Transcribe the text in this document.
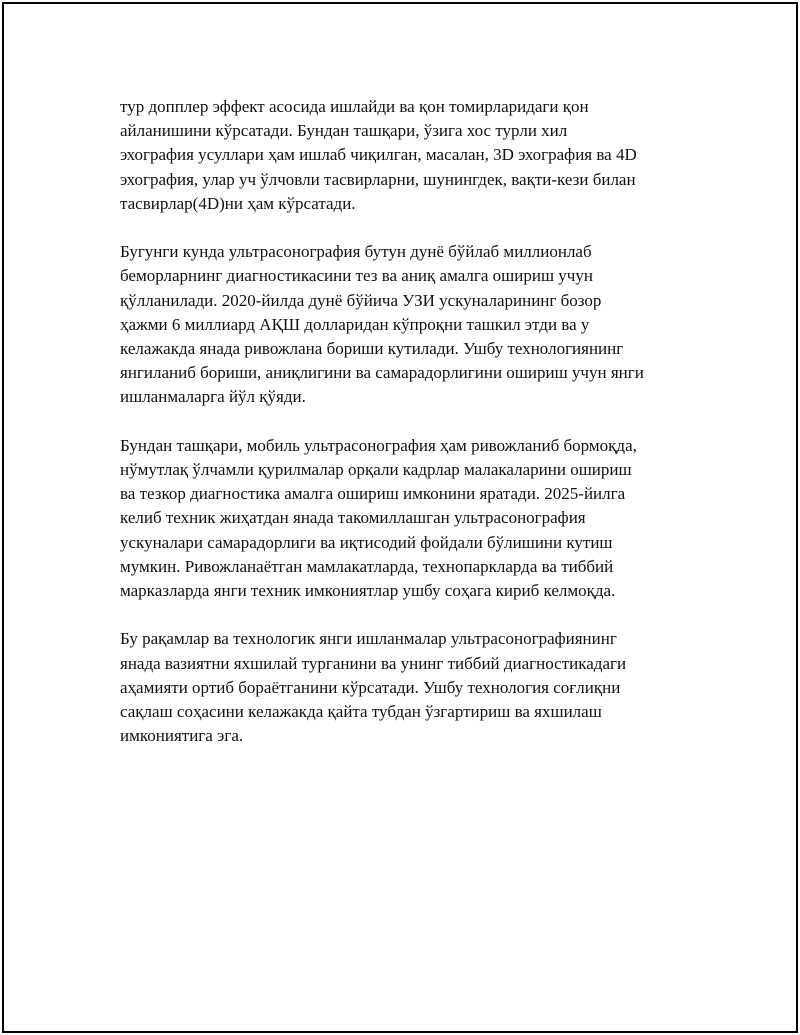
тур допплер эффект асосида ишлайди ва қон томирларидаги қон
айланишини кўрсатади. Бундан ташқари, ўзига хос турли хил
эхография усуллари ҳам ишлаб чиқилган, масалан, 3D эхография ва 4D
эхография, улар уч ўлчовли тасвирларни, шунингдек, вақти-кези билан
тасвирлар(4D)ни ҳам кўрсатади.

Бугунги кунда ультрасонография бутун дунё бўйлаб миллионлаб
беморларнинг диагностикасини тез ва аниқ амалга ошириш учун
қўлланилади. 2020-йилда дунё бўйича УЗИ ускуналарининг бозор
ҳажми 6 миллиард АҚШ долларидан кўпроқни ташкил этди ва у
келажакда янада ривожлана бориши кутилади. Ушбу технологиянинг
янгиланиб бориши, аниқлигини ва самарадорлигини ошириш учун янги
ишланмаларга йўл қўяди.

Бундан ташқари, мобиль ультрасонография ҳам ривожланиб бормоқда,
нўмутлақ ўлчамли қурилмалар орқали кадрлар малакаларини ошириш
ва тезкор диагностика амалга ошириш имконини яратади. 2025-йилга
келиб техник жиҳатдан янада такомиллашган ультрасонография
ускуналари самарадорлиги ва иқтисодий фойдали бўлишини кутиш
мумкин. Ривожланаётган мамлакатларда, технопаркларда ва тиббий
марказларда янги техник имкониятлар ушбу соҳага кириб келмоқда.

Бу рақамлар ва технологик янги ишланмалар ультрасонографиянинг
янада вазиятни яхшилай турганини ва унинг тиббий диагностикадаги
аҳамияти ортиб бораётганини кўрсатади. Ушбу технология соғлиқни
сақлаш соҳасини келажакда қайта тубдан ўзгартириш ва яхшилаш
имкониятига эга.
